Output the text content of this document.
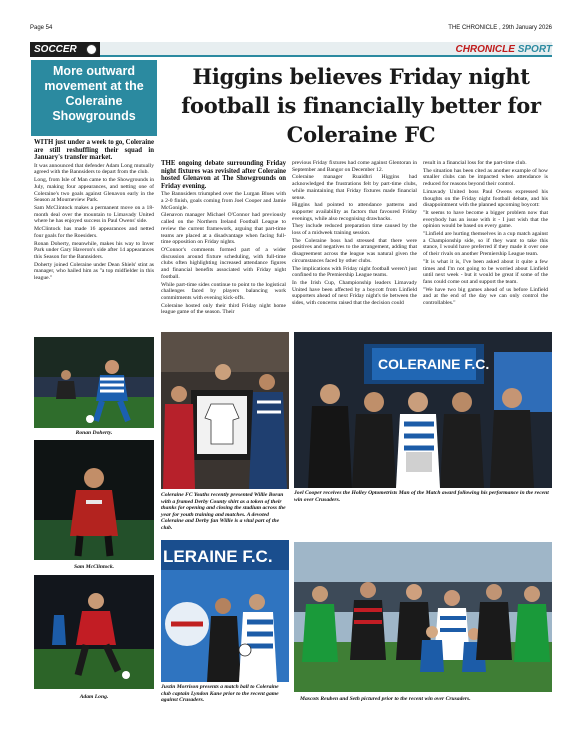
Page 54	THE CHRONICLE , 29th January 2026
SOCCER	CHRONICLE SPORT
More outward movement at the Coleraine Showgrounds

WITH just under a week to go, Coleraine are still reshuffling their squad in January's transfer market.

It was announced that defender Adam Long mutually agreed with the Bannsiders to depart from the club.

Long, from Isle of Man came to the Showgrounds in July, making four appearances, and netting one of Coleraine's two goals against Glenavon early in the Season at Mourneview Park.

Sam McClintock makes a permanent move on a 18-month deal over the mountain to Limavady United where he has enjoyed success in Paul Owens' side.

McClintock has made 16 appearances and netted four goals for the Roesiders.

Ronan Doherty, meanwhile, makes his way to Inver Park under Gary Haveron's side after 14 appearances this Season for the Bannsiders.

Doherty joined Coleraine under Dean Shiels' stint as manager, who hailed him as "a top midfielder in this league."

Higgins believes Friday night football is financially better for Coleraine FC

THE ongoing debate surrounding Friday night fixtures was revisited after Coleraine hosted Glenavon at The Showgrounds on Friday evening.

The Bannsiders triumphed over the Lurgan Blues with a 2-0 finish, goals coming from Joel Cooper and Jamie McGonigle.

Glenavon manager Michael O'Connor had previously called on the Northern Ireland Football League to review the current framework, arguing that part-time teams are placed at a disadvantage when facing full-time opposition on Friday nights.

O'Connor's comments formed part of a wider discussion around fixture scheduling, with full-time clubs often highlighting increased attendance figures and financial benefits associated with Friday night football.

While part-time sides continue to point to the logistical challenges faced by players balancing work commitments with evening kick-offs.

Coleraine hosted only their third Friday night home league game of the season. Their

previous Friday fixtures had come against Glentoran in September and Bangor on December 12.

Coleraine manager Ruaidhri Higgins had acknowledged the frustrations felt by part-time clubs, while maintaining that Friday fixtures made financial sense.

Higgins had pointed to attendance patterns and supporter availability as factors that favoured Friday evenings, while also recognising drawbacks.

They include reduced preparation time caused by the loss of a midweek training session.

The Coleraine boss had stressed that there were positives and negatives to the arrangement, adding that disagreement across the league was natural given the circumstances faced by other clubs.

The implications with Friday night football weren't just confined to the Premiership League teams.

In the Irish Cup, Championship leaders Limavady United have been affected by a boycott from Linfield supporters ahead of next Friday night's tie between the sides, with concerns raised that the decision could

result in a financial loss for the part-time club.

The situation has been cited as another example of how smaller clubs can be impacted when attendance is reduced for reasons beyond their control.

Limavady United boss Paul Owens expressed his thoughts on the Friday night football debate, and his disappointment with the planned upcoming boycott:

"It seems to have become a bigger problem now that everybody has an issue with it - I just wish that the opinion would be based on every game.

"Linfield are hurting themselves in a cup match against a Championship side, so if they want to take this stance, I would have preferred if they made it over one of their rivals on another Premiership League team.

"It is what it is, I've been asked about it quite a few times and I'm not going to be worried about Linfield until next week - but it would be great if some of the fans could come out and support the team.

"We have two big games ahead of us before Linfield and at the end of the day we can only control the controllables."

Ronan Doherty.
Sam McClintock.
Adam Long.
Coleraine FC Youths recently presented Willie Boran with a framed Derby County shirt as a token of their thanks for opening and closing the stadium across the year for youth training and matches. A devoted Coleraine and Derby fan Willie is a vital part of the club.
LERAINE F.C.
Justin Morrison presents a match ball to Coleraine club captain Lyndon Kane prior to the recent game against Crusaders.
COLERAINE F.C.
Joel Cooper receives the Holley Optometrists Man of the Match award following his performance in the recent win over Crusaders.
Mascots Reuben and Seth pictured prior to the recent win over Crusaders.
